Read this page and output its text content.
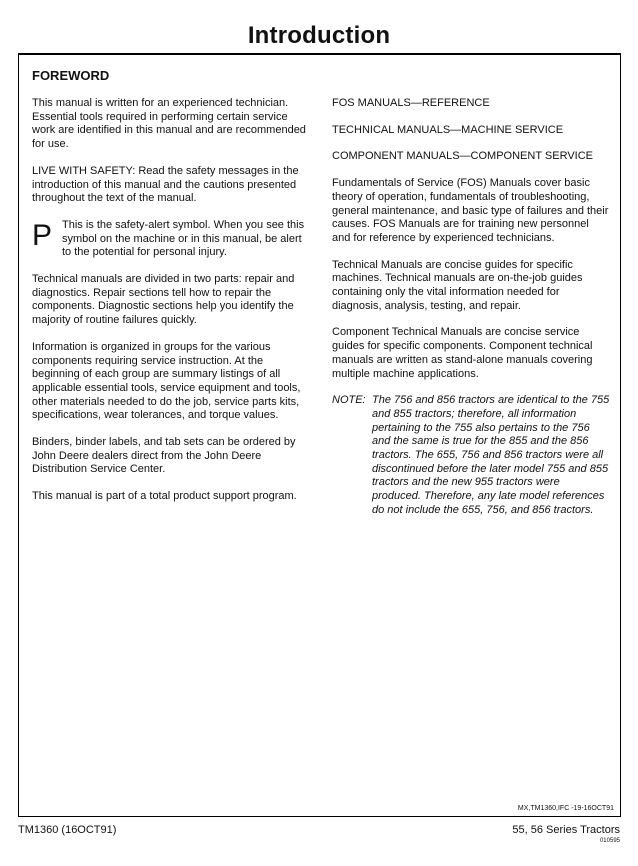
Introduction
FOREWORD

This manual is written for an experienced technician. Essential tools required in performing certain service work are identified in this manual and are recommended for use.

LIVE WITH SAFETY: Read the safety messages in the introduction of this manual and the cautions presented throughout the text of the manual.

P This is the safety-alert symbol. When you see this symbol on the machine or in this manual, be alert to the potential for personal injury.

Technical manuals are divided in two parts: repair and diagnostics. Repair sections tell how to repair the components. Diagnostic sections help you identify the majority of routine failures quickly.

Information is organized in groups for the various components requiring service instruction. At the beginning of each group are summary listings of all applicable essential tools, service equipment and tools, other materials needed to do the job, service parts kits, specifications, wear tolerances, and torque values.

Binders, binder labels, and tab sets can be ordered by John Deere dealers direct from the John Deere Distribution Service Center.

This manual is part of a total product support program.

FOS MANUALS—REFERENCE

TECHNICAL MANUALS—MACHINE SERVICE

COMPONENT MANUALS—COMPONENT SERVICE

Fundamentals of Service (FOS) Manuals cover basic theory of operation, fundamentals of troubleshooting, general maintenance, and basic type of failures and their causes. FOS Manuals are for training new personnel and for reference by experienced technicians.

Technical Manuals are concise guides for specific machines. Technical manuals are on-the-job guides containing only the vital information needed for diagnosis, analysis, testing, and repair.

Component Technical Manuals are concise service guides for specific components. Component technical manuals are written as stand-alone manuals covering multiple machine applications.

NOTE: The 756 and 856 tractors are identical to the 755 and 855 tractors; therefore, all information pertaining to the 755 also pertains to the 756 and the same is true for the 855 and the 856 tractors. The 655, 756 and 856 tractors were all discontinued before the later model 755 and 855 tractors and the new 955 tractors were produced. Therefore, any late model references do not include the 655, 756, and 856 tractors.
MX,TM1360,IFC -19-16OCT91
TM1360 (16OCT91)	55, 56 Series Tractors
010595
